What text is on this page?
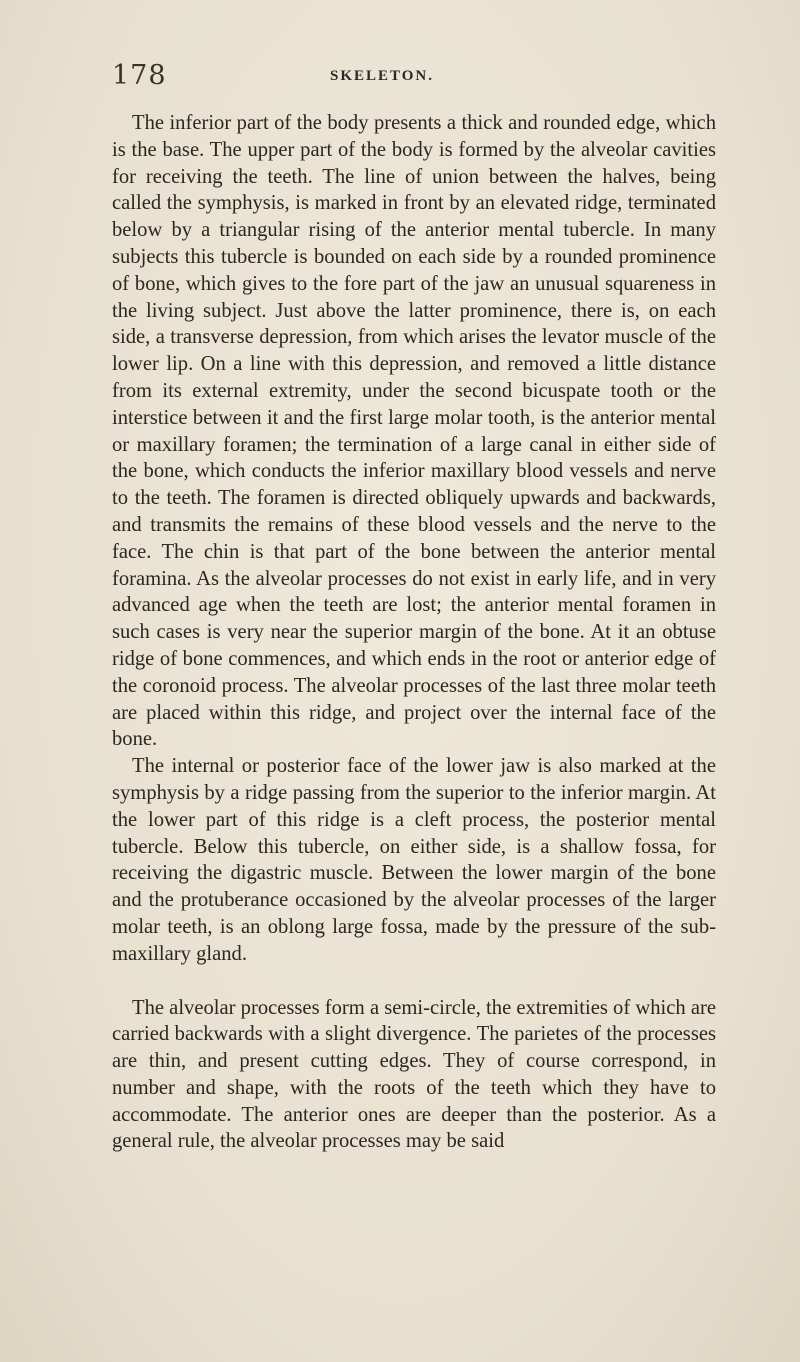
178	SKELETON.

The inferior part of the body presents a thick and rounded edge, which is the base. The upper part of the body is formed by the alveolar cavities for receiving the teeth. The line of union between the halves, being called the symphysis, is marked in front by an elevated ridge, terminated below by a triangular rising of the anterior mental tubercle. In many subjects this tubercle is bounded on each side by a rounded prominence of bone, which gives to the fore part of the jaw an unusual squareness in the living subject. Just above the latter prominence, there is, on each side, a transverse depression, from which arises the levator muscle of the lower lip. On a line with this depression, and removed a little distance from its external extremity, under the second bicuspate tooth or the interstice between it and the first large molar tooth, is the anterior mental or maxillary foramen; the termination of a large canal in either side of the bone, which conducts the inferior maxillary blood vessels and nerve to the teeth. The foramen is directed obliquely upwards and backwards, and transmits the remains of these blood vessels and the nerve to the face. The chin is that part of the bone between the anterior mental foramina. As the alveolar processes do not exist in early life, and in very advanced age when the teeth are lost; the anterior mental foramen in such cases is very near the superior margin of the bone. At it an obtuse ridge of bone commences, and which ends in the root or anterior edge of the coronoid process. The alveolar processes of the last three molar teeth are placed within this ridge, and project over the internal face of the bone.

The internal or posterior face of the lower jaw is also marked at the symphysis by a ridge passing from the superior to the inferior margin. At the lower part of this ridge is a cleft process, the posterior mental tubercle. Below this tubercle, on either side, is a shallow fossa, for receiving the digastric muscle. Between the lower margin of the bone and the protuberance occasioned by the alveolar processes of the larger molar teeth, is an oblong large fossa, made by the pressure of the sub-maxillary gland.

The alveolar processes form a semi-circle, the extremities of which are carried backwards with a slight divergence. The parietes of the processes are thin, and present cutting edges. They of course correspond, in number and shape, with the roots of the teeth which they have to accommodate. The anterior ones are deeper than the posterior. As a general rule, the alveolar processes may be said
